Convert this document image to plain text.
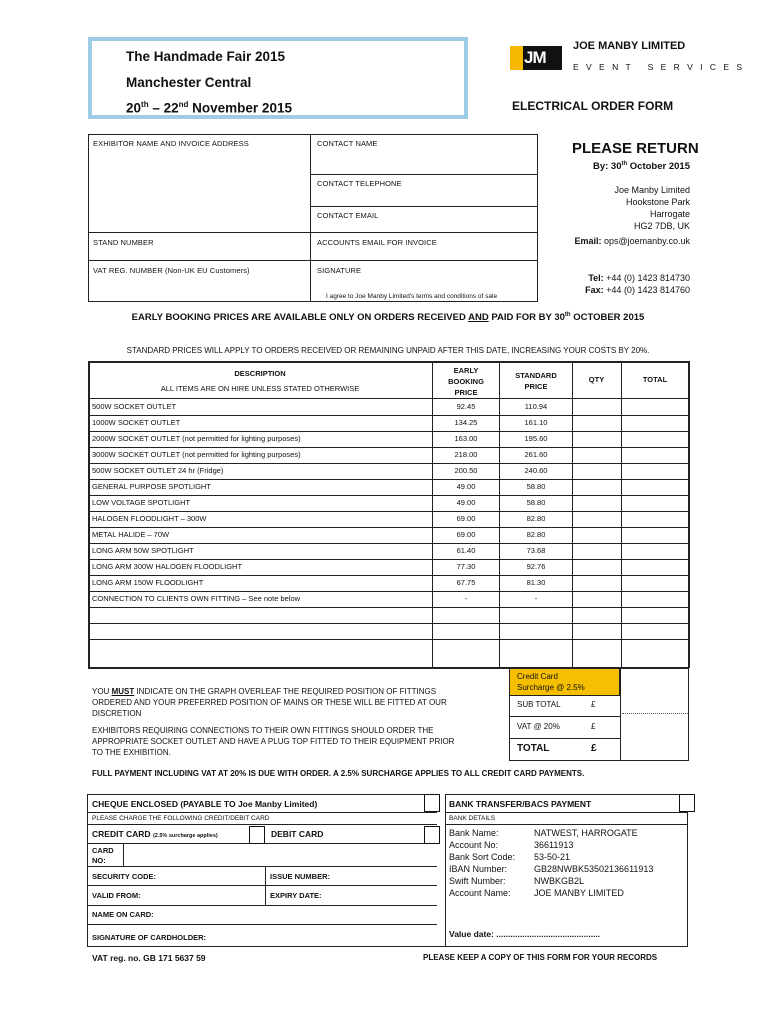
The Handmade Fair 2015
Manchester Central
20th – 22nd November 2015
JM
JOE MANBY LIMITED
E V E N T   S E R V I C E S
ELECTRICAL ORDER FORM
EXHIBITOR NAME AND INVOICE ADDRESS	CONTACT NAME
CONTACT TELEPHONE
CONTACT EMAIL
STAND NUMBER	ACCOUNTS EMAIL FOR INVOICE
VAT REG. NUMBER (Non-UK EU Customers)	SIGNATURE
I agree to Joe Manby Limited's terms and conditions of sale
PLEASE RETURN
By: 30th October 2015
Joe Manby Limited
Hookstone Park
Harrogate
HG2 7DB, UK
Email: ops@joemanby.co.uk
Tel: +44 (0) 1423 814730
Fax: +44 (0) 1423 814760
EARLY BOOKING PRICES ARE AVAILABLE ONLY ON ORDERS RECEIVED AND PAID FOR BY 30th OCTOBER 2015
STANDARD PRICES WILL APPLY TO ORDERS RECEIVED OR REMAINING UNPAID AFTER THIS DATE, INCREASING YOUR COSTS BY 20%.
DESCRIPTION
ALL ITEMS ARE ON HIRE UNLESS STATED OTHERWISE
EARLY BOOKING PRICE
STANDARD PRICE
QTY	TOTAL
500W SOCKET OUTLET	92.45	110.94
1000W SOCKET OUTLET	134.25	161.10
2000W SOCKET OUTLET (not permitted for lighting purposes)	163.00	195.60
3000W SOCKET OUTLET (not permitted for lighting purposes)	218.00	261.60
500W SOCKET OUTLET 24 hr (Fridge)	200.50	240.60
GENERAL PURPOSE SPOTLIGHT	49.00	58.80
LOW VOLTAGE SPOTLIGHT	49.00	58.80
HALOGEN FLOODLIGHT – 300W	69.00	82.80
METAL HALIDE – 70W	69.00	82.80
LONG ARM 50W SPOTLIGHT	61.40	73.68
LONG ARM 300W HALOGEN FLOODLIGHT	77.30	92.76
LONG ARM 150W FLOODLIGHT	67.75	81.30
CONNECTION TO CLIENTS OWN FITTING – See note below	-	-
Credit Card
Surcharge @ 2.5%
SUB TOTAL	£
VAT @ 20%	£
TOTAL	£
YOU MUST INDICATE ON THE GRAPH OVERLEAF THE REQUIRED POSITION OF FITTINGS
ORDERED AND YOUR PREFERRED POSITION OF MAINS OR THESE WILL BE FITTED AT OUR
DISCRETION
EXHIBITORS REQUIRING CONNECTIONS TO THEIR OWN FITTINGS SHOULD ORDER THE
APPROPRIATE SOCKET OUTLET AND HAVE A PLUG TOP FITTED TO THEIR EQUIPMENT PRIOR
TO THE EXHIBITION.
FULL PAYMENT INCLUDING VAT AT 20% IS DUE WITH ORDER. A 2.5% SURCHARGE APPLIES TO ALL CREDIT CARD PAYMENTS.
CHEQUE ENCLOSED (PAYABLE TO Joe Manby Limited)
PLEASE CHARGE THE FOLLOWING CREDIT/DEBIT CARD
BANK TRANSFER/BACS PAYMENT
BANK DETAILS
CREDIT CARD (2.5% surcharge applies)	DEBIT CARD
CARD
NO:
SECURITY CODE:	ISSUE NUMBER:
VALID FROM:	EXPIRY DATE:
NAME ON CARD:
SIGNATURE OF CARDHOLDER:
Bank Name:	NATWEST, HARROGATE
Account No:	36611913
Bank Sort Code: 53-50-21
IBAN Number:	GB28NWBK53502136611913
Swift Number:	NWBKGB2L
Account Name:	JOE MANBY LIMITED
Value date: ............................................
VAT reg. no. GB 171 5637 59	PLEASE KEEP A COPY OF THIS FORM FOR YOUR RECORDS
